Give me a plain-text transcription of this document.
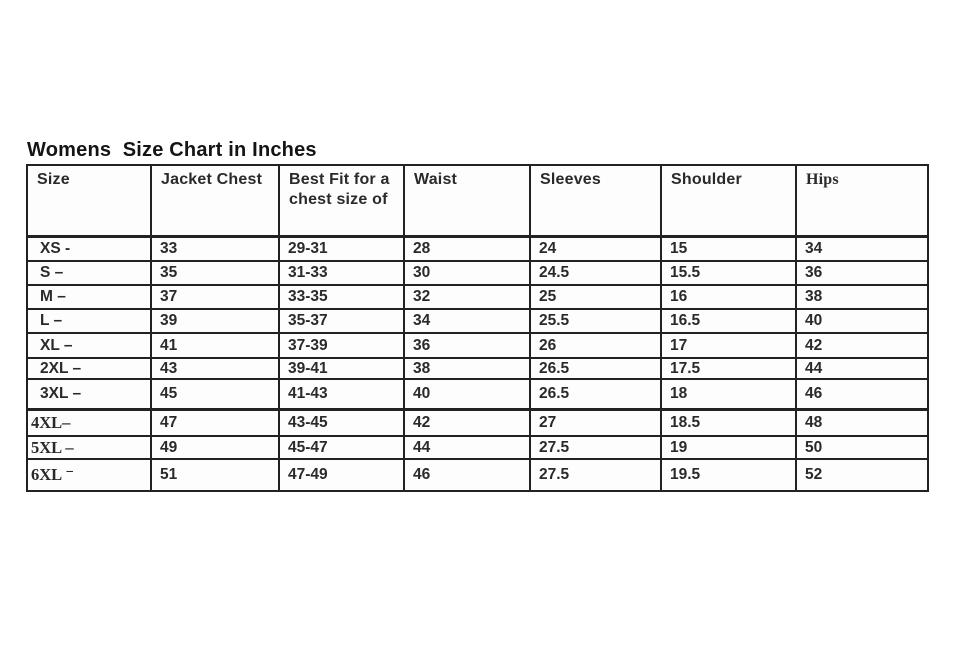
Womens  Size Chart in Inches
Size	Jacket Chest	Best Fit for a chest size of	Waist	Sleeves	Shoulder	Hips
XS -	33	29-31	28	24	15	34
S –	35	31-33	30	24.5	15.5	36
M –	37	33-35	32	25	16	38
L –	39	35-37	34	25.5	16.5	40
XL –	41	37-39	36	26	17	42
2XL –	43	39-41	38	26.5	17.5	44
3XL –	45	41-43	40	26.5	18	46
4XL–	47	43-45	42	27	18.5	48
5XL –	49	45-47	44	27.5	19	50
6XL ⁻	51	47-49	46	27.5	19.5	52
